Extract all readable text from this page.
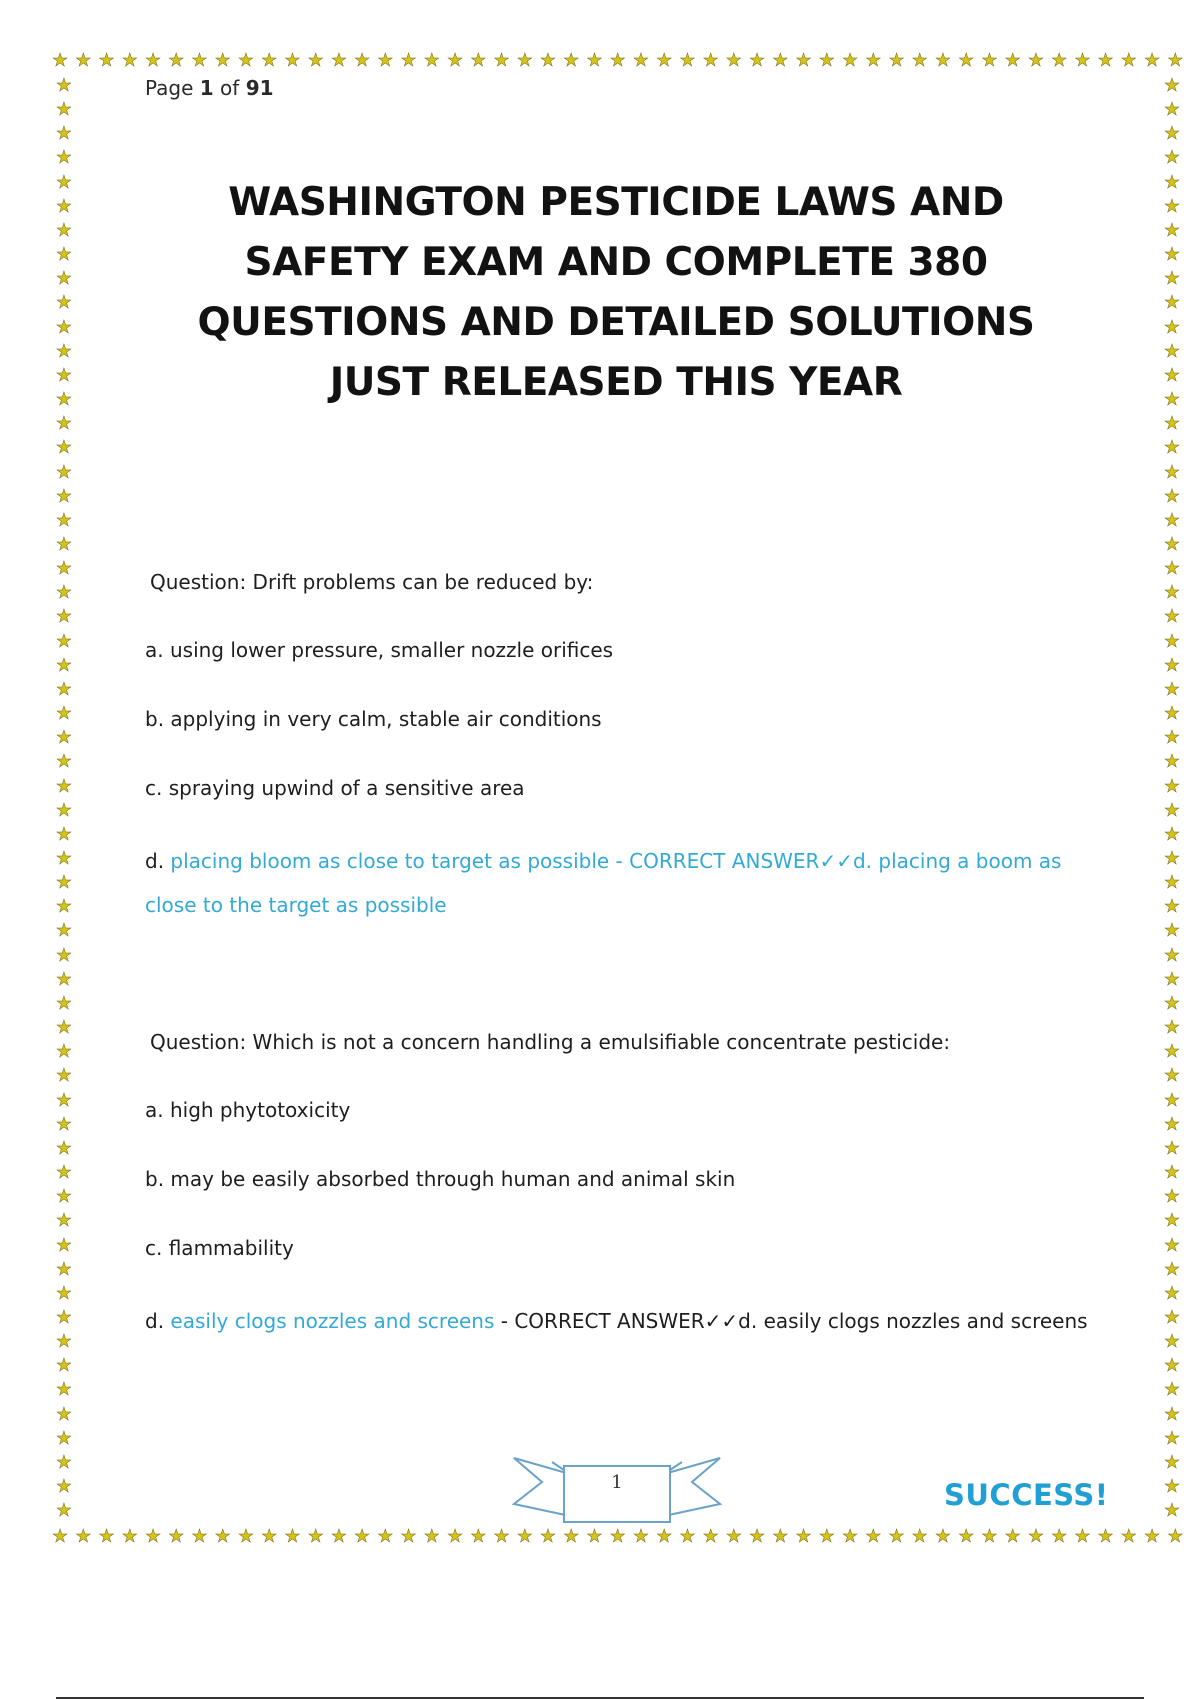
★ ★ ★ ★ ★ ★ ★ ★ ★ ★ ★ ★ ★ ★ ★ ★ ★ ★ ★ ★ ★ ★ ★ ★ ★ ★ ★ ★ ★ ★ ★ ★ ★ ★ ★ ★ ★ ★ ★ ★ ★ ★ ★ ★ ★ ★ ★ ★ ★
★ ★ ★ ★ ★ ★ ★ ★ ★ ★ ★ ★ ★ ★ ★ ★ ★ ★ ★ ★ ★ ★ ★ ★ ★ ★ ★ ★ ★ ★ ★ ★ ★ ★ ★ ★ ★ ★ ★ ★ ★ ★ ★ ★ ★ ★ ★ ★ ★
★
★
★
★
★
★
★
★
★
★
★
★
★
★
★
★
★
★
★
★
★
★
★
★
★
★
★
★
★
★
★
★
★
★
★
★
★
★
★
★
★
★
★
★
★
★
★
★
★
★
★
★
★
★
★
★
★
★
★
★
★
★
★
★
★
★
★
★
★
★
★
★
★
★
★
★
★
★
★
★
★
★
★
★
★
★
★
★
★
★
★
★
★
★
★
★
★
★
★
★
★
★
★
★
★
★
★
★
★
★
★
★
★
★
★
★
★
★
★
★
Page 1 of 91
WASHINGTON PESTICIDE LAWS AND SAFETY EXAM AND COMPLETE 380 QUESTIONS AND DETAILED SOLUTIONS JUST RELEASED THIS YEAR
Question: Drift problems can be reduced by:
a. using lower pressure, smaller nozzle orifices
b. applying in very calm, stable air conditions
c. spraying upwind of a sensitive area
d. placing bloom as close to target as possible - CORRECT ANSWER✓✓d. placing a boom as
close to the target as possible
Question: Which is not a concern handling a emulsifiable concentrate pesticide:
a. high phytotoxicity
b. may be easily absorbed through human and animal skin
c. flammability
d. easily clogs nozzles and screens - CORRECT ANSWER✓✓d. easily clogs nozzles and screens
1	SUCCESS!
